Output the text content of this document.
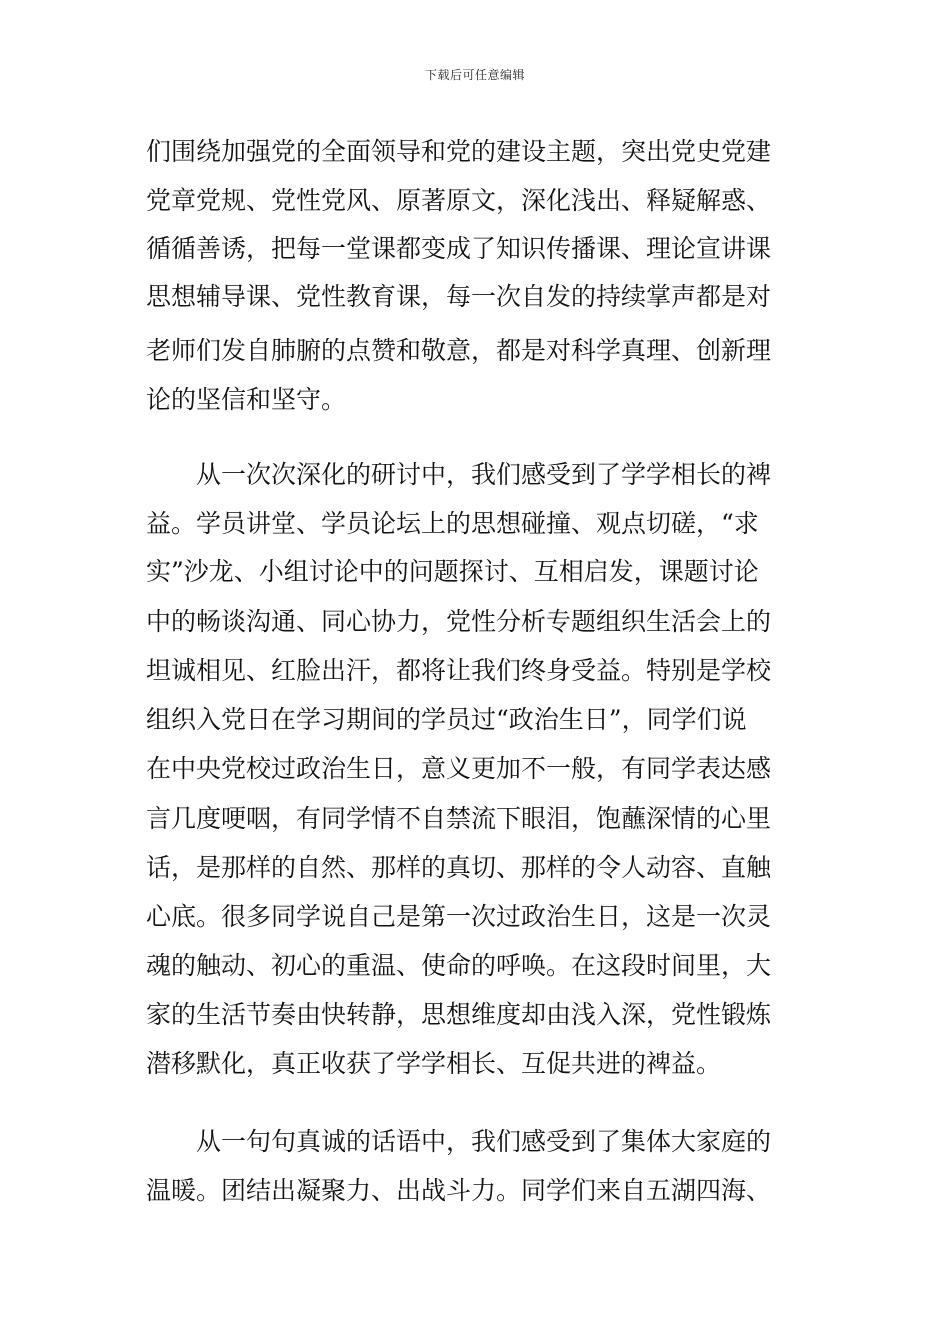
下载后可任意编辑
们围绕加强党的全面领导和党的建设主题，突出党史党建
党章党规、党性党风、原著原文，深化浅出、释疑解惑、
循循善诱，把每一堂课都变成了知识传播课、理论宣讲课
思想辅导课、党性教育课，每一次自发的持续掌声都是对
老师们发自肺腑的点赞和敬意，都是对科学真理、创新理
论的坚信和坚守。
从一次次深化的研讨中，我们感受到了学学相长的裨
益。学员讲堂、学员论坛上的思想碰撞、观点切磋，“求
实”沙龙、小组讨论中的问题探讨、互相启发，课题讨论
中的畅谈沟通、同心协力，党性分析专题组织生活会上的
坦诚相见、红脸出汗，都将让我们终身受益。特别是学校
组织入党日在学习期间的学员过“政治生日”，同学们说
在中央党校过政治生日，意义更加不一般，有同学表达感
言几度哽咽，有同学情不自禁流下眼泪，饱蘸深情的心里
话，是那样的自然、那样的真切、那样的令人动容、直触
心底。很多同学说自己是第一次过政治生日，这是一次灵
魂的触动、初心的重温、使命的呼唤。在这段时间里，大
家的生活节奏由快转静，思想维度却由浅入深，党性锻炼
潜移默化，真正收获了学学相长、互促共进的裨益。
从一句句真诚的话语中，我们感受到了集体大家庭的
温暖。团结出凝聚力、出战斗力。同学们来自五湖四海、
